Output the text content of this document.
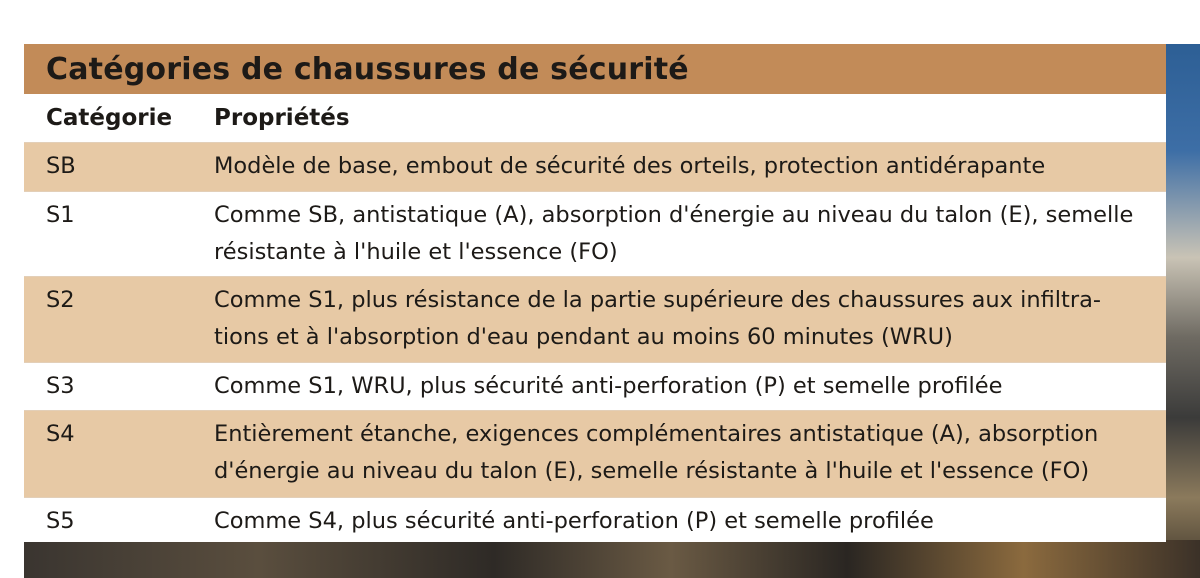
Catégories de chaussures de sécurité
Catégorie	Propriétés
SB	Modèle de base, embout de sécurité des orteils, protection antidérapante
S1	Comme SB, antistatique (A), absorption d'énergie au niveau du talon (E), semelle résistante à l'huile et l'essence (FO)
S2	Comme S1, plus résistance de la partie supérieure des chaussures aux infiltra-tions et à l'absorption d'eau pendant au moins 60 minutes (WRU)
S3	Comme S1, WRU, plus sécurité anti-perforation (P) et semelle profilée
S4	Entièrement étanche, exigences complémentaires antistatique (A), absorption d'énergie au niveau du talon (E), semelle résistante à l'huile et l'essence (FO)
S5	Comme S4, plus sécurité anti-perforation (P) et semelle profilée
